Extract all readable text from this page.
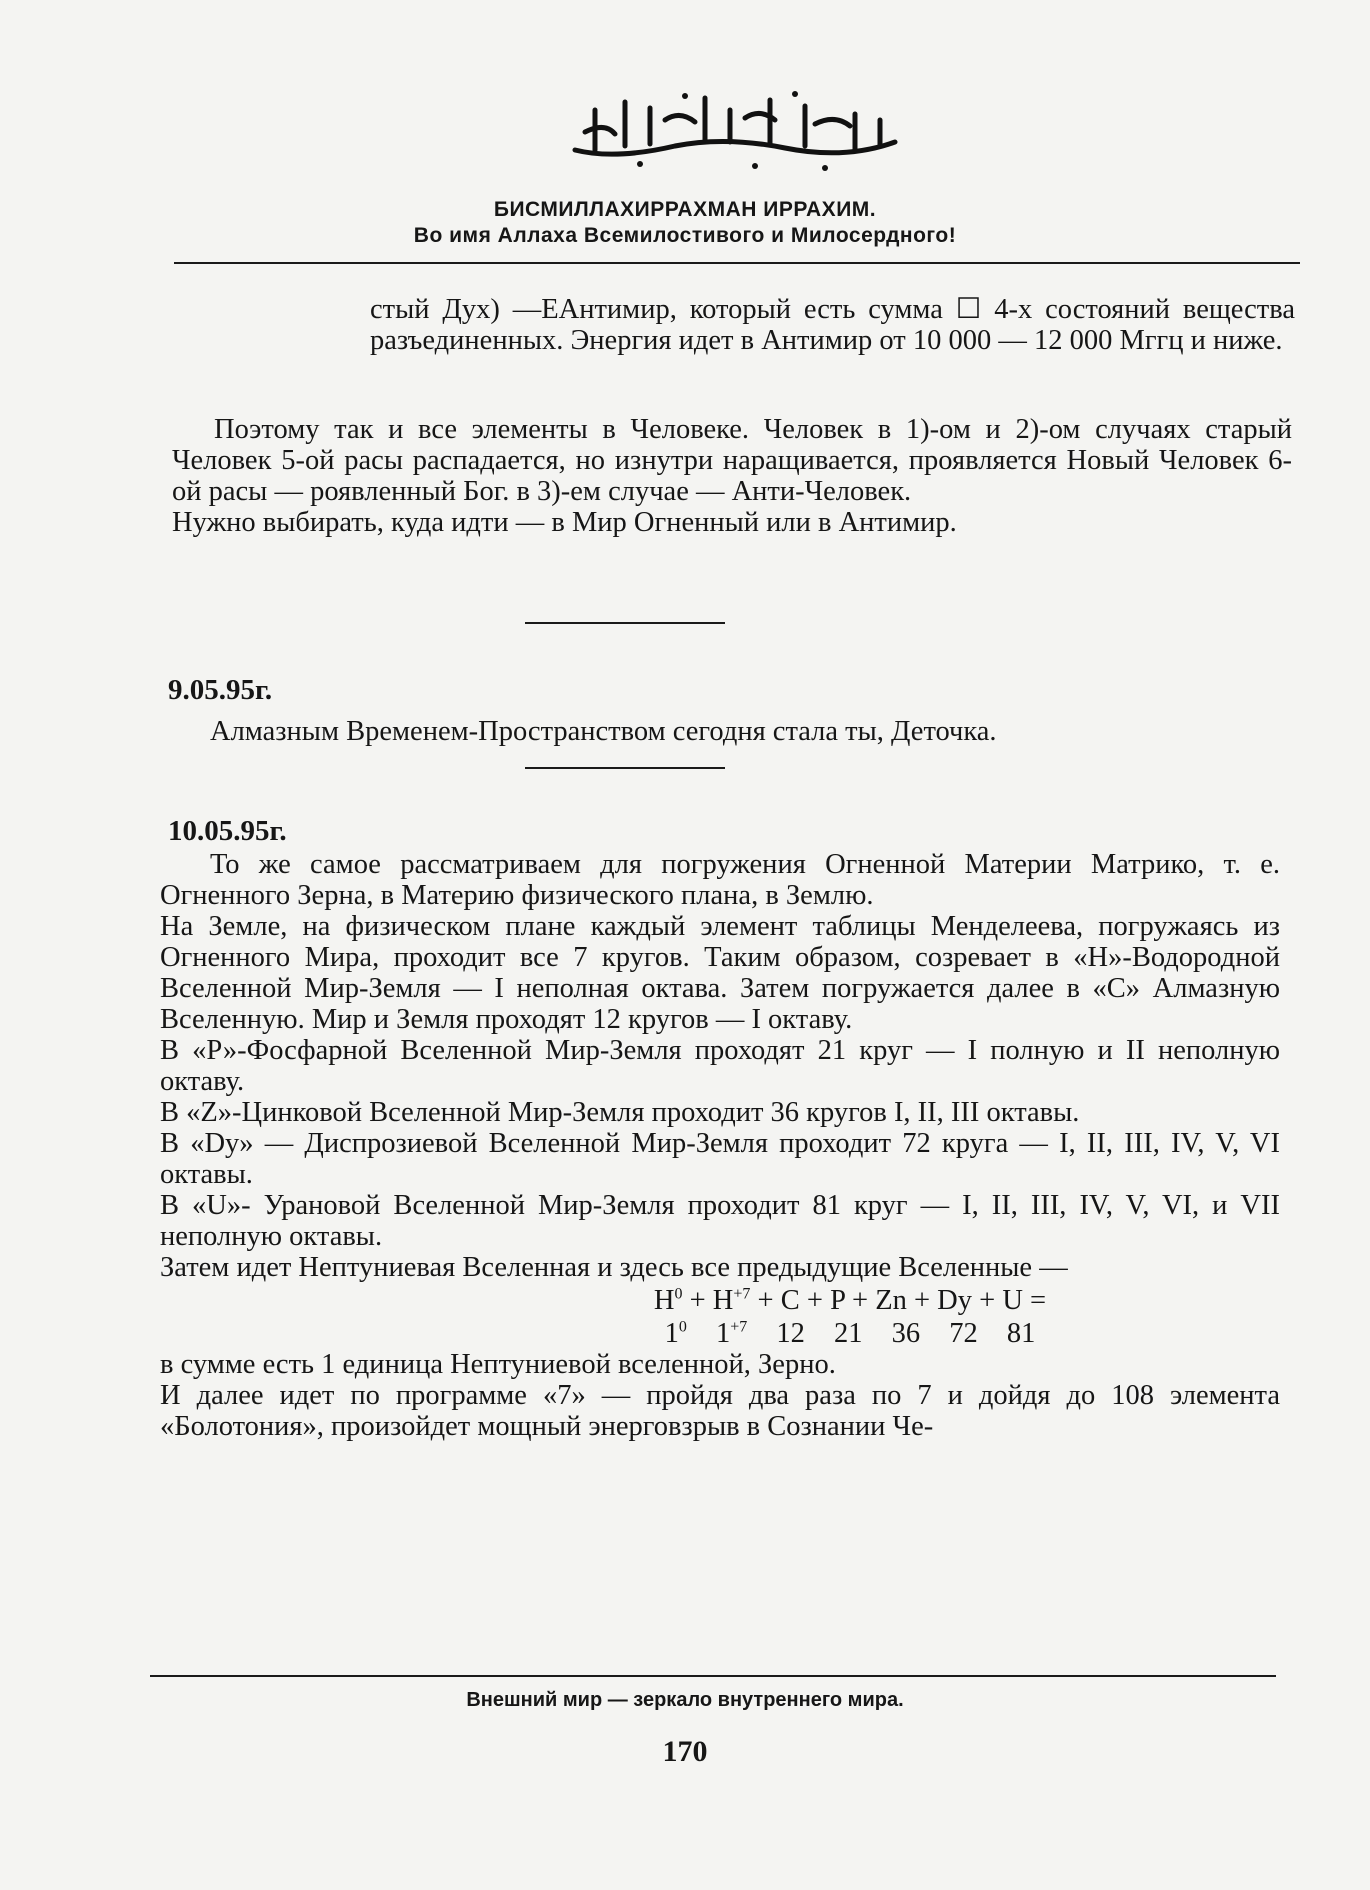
БИСМИЛЛАХИРРАХМАН ИРРАХИМ.
Во имя Аллаха Всемилостивого и Милосердного!
стый Дух) —ЕАнтимир, который есть сумма ☐ 4-х состояний вещества разъединенных. Энергия идет в Антимир от 10 000 — 12 000 Мггц и ниже.

Поэтому так и все элементы в Человеке. Человек в 1)-ом и 2)-ом случаях старый Человек 5-ой расы распадается, но изнутри наращивается, проявляется Новый Человек 6-ой расы — роявленный Бог. в 3)-ем случае — Анти-Человек.

Нужно выбирать, куда идти — в Мир Огненный или в Антимир.

9.05.95г.
Алмазным Временем-Пространством сегодня стала ты, Деточка.
10.05.95г.

То же самое рассматриваем для погружения Огненной Материи Матрико, т. е. Огненного Зерна, в Материю физического плана, в Землю.

На Земле, на физическом плане каждый элемент таблицы Менделеева, погружаясь из Огненного Мира, проходит все 7 кругов. Таким образом, созревает в «Н»-Водородной Вселенной Мир-Земля — I неполная октава. Затем погружается далее в «С» Алмазную Вселенную. Мир и Земля проходят 12 кругов — I октаву.

В «Р»-Фосфарной Вселенной Мир-Земля проходят 21 круг — I полную и II неполную октаву.

В «Z»-Цинковой Вселенной Мир-Земля проходит 36 кругов I, II, III октавы.

В «Dy» — Диспрозиевой Вселенной Мир-Земля проходит 72 круга — I, II, III, IV, V, VI октавы.

В «U»- Урановой Вселенной Мир-Земля проходит 81 круг — I, II, III, IV, V, VI, и VII неполную октавы.

Затем идет Нептуниевая Вселенная и здесь все предыдущие Вселенные —

$H^0 + H^{+7} + C + P + Zn + Dy + U$ =
$1^0$ $1^{+7}$ 12 21 36 72 81

в сумме есть 1 единица Нептуниевой вселенной, Зерно.

И далее идет по программе «7» — пройдя два раза по 7 и дойдя до 108 элемента «Болотония», произойдет мощный энерговзрыв в Сознании Че-

Внешний мир — зеркало внутреннего мира.
170
